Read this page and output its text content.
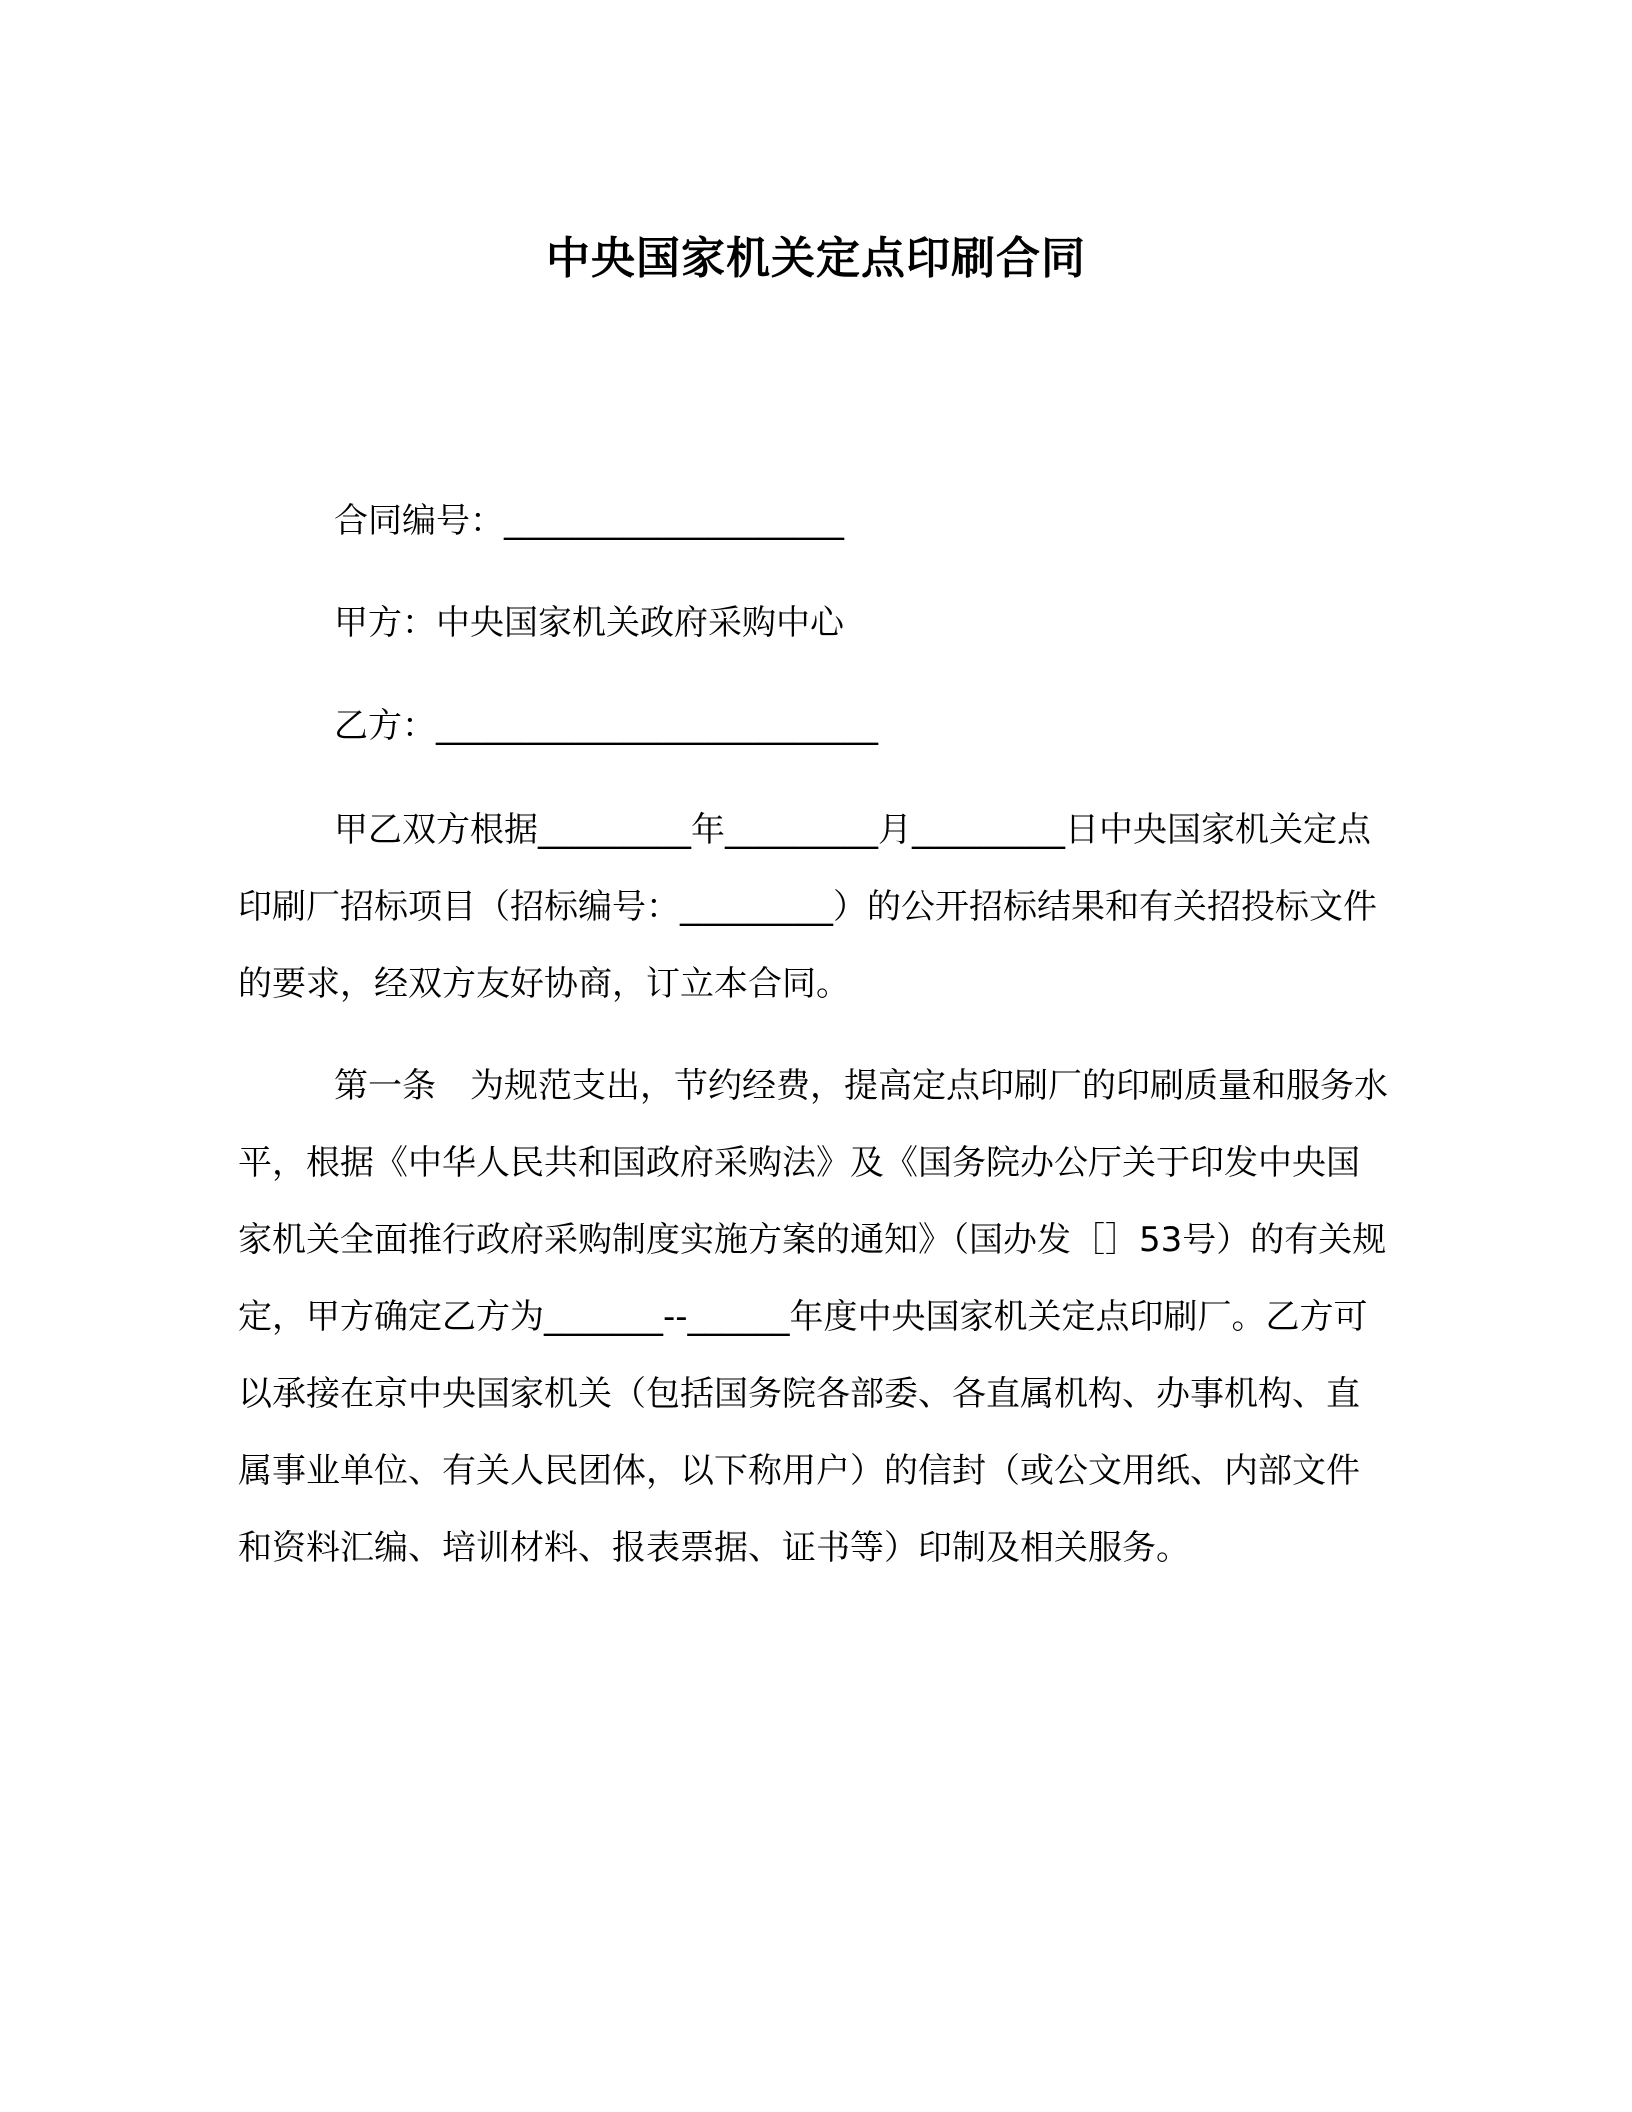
中央国家机关定点印刷合同
合同编号：____________________
甲方：中央国家机关政府采购中心
乙方：__________________________
甲乙双方根据_________年_________月_________日中央国家机关定点印刷厂招标项目（招标编号：_________）的公开招标结果和有关招投标文件的要求，经双方友好协商，订立本合同。
第一条　为规范支出，节约经费，提高定点印刷厂的印刷质量和服务水平，根据《中华人民共和国政府采购法》及《国务院办公厅关于印发中央国家机关全面推行政府采购制度实施方案的通知》（国办发［］53号）的有关规定，甲方确定乙方为_______--______年度中央国家机关定点印刷厂。乙方可以承接在京中央国家机关（包括国务院各部委、各直属机构、办事机构、直属事业单位、有关人民团体，以下称用户）的信封（或公文用纸、内部文件和资料汇编、培训材料、报表票据、证书等）印制及相关服务。
